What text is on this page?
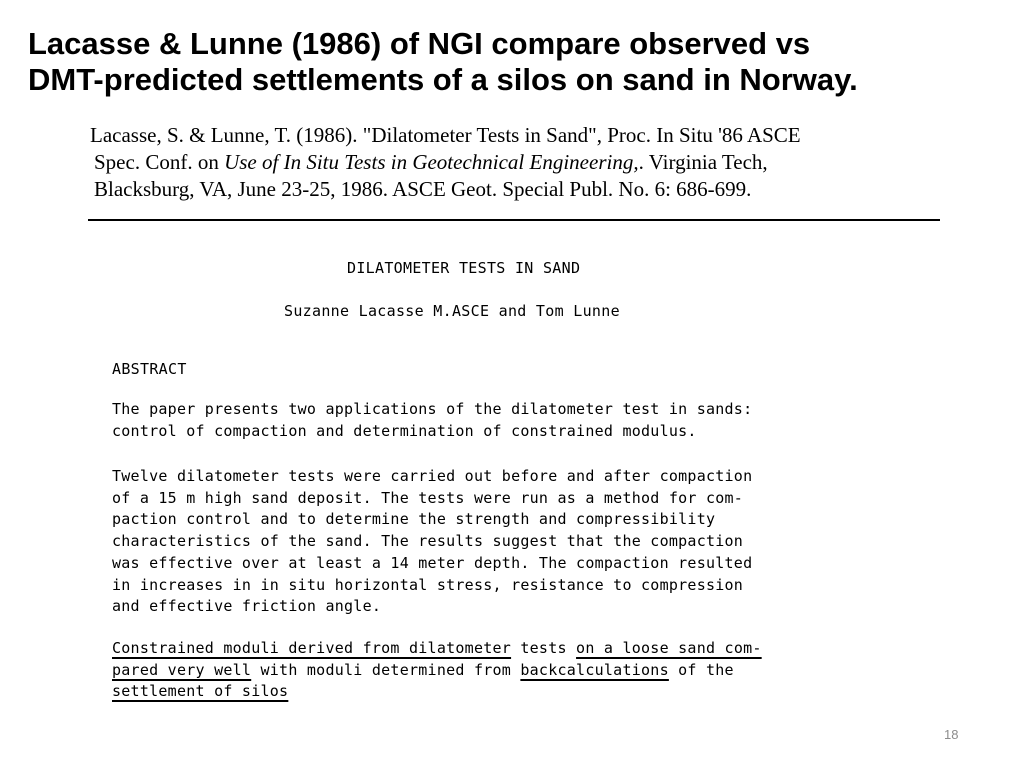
Lacasse & Lunne (1986) of NGI compare observed vs
DMT-predicted settlements of a silos on sand in Norway.
Lacasse, S. & Lunne, T. (1986). "Dilatometer Tests in Sand", Proc. In Situ '86 ASCE
Spec. Conf. on Use of In Situ Tests in Geotechnical Engineering,. Virginia Tech,
Blacksburg, VA, June 23-25, 1986. ASCE Geot. Special Publ. No. 6: 686-699.
DILATOMETER TESTS IN SAND
Suzanne Lacasse M.ASCE and Tom Lunne
ABSTRACT
The paper presents two applications of the dilatometer test in sands:
control of compaction and determination of constrained modulus.
Twelve dilatometer tests were carried out before and after compaction
of a 15 m high sand deposit. The tests were run as a method for com-
paction control and to determine the strength and compressibility
characteristics of the sand. The results suggest that the compaction
was effective over at least a 14 meter depth. The compaction resulted
in increases in in situ horizontal stress, resistance to compression
and effective friction angle.
Constrained moduli derived from dilatometer tests on a loose sand com-
pared very well with moduli determined from backcalculations of the
settlement of silos
18
